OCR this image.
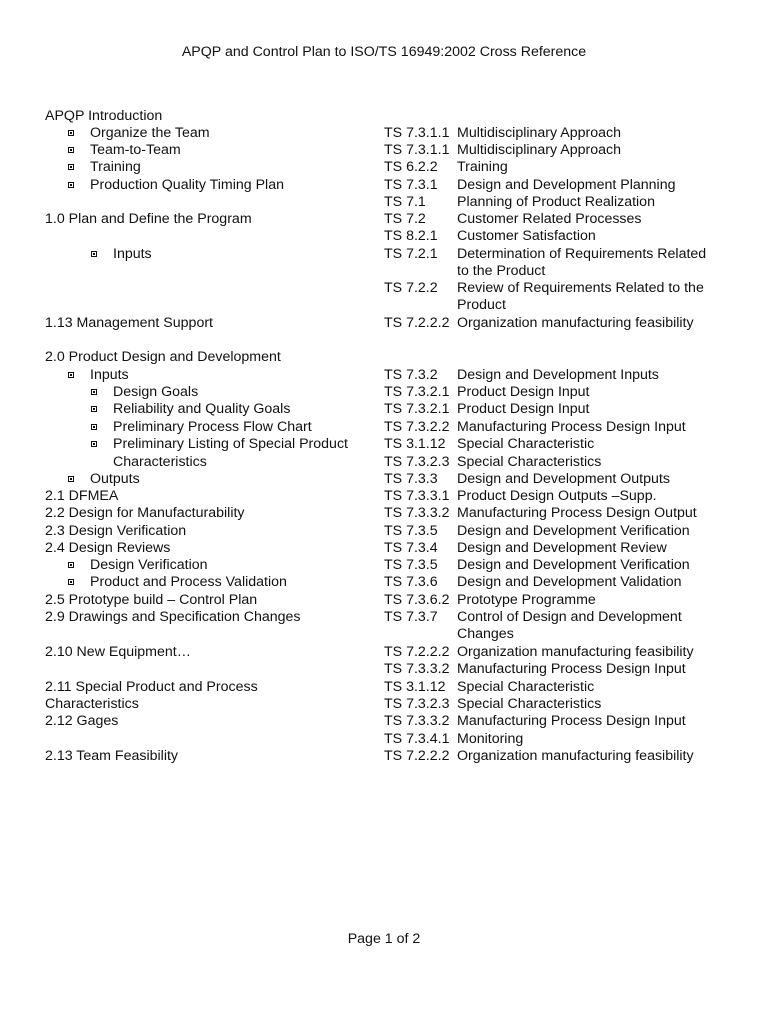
APQP and Control Plan to ISO/TS 16949:2002 Cross Reference
APQP Introduction
Organize the Team
Team-to-Team
Training
Production Quality Timing Plan
1.0 Plan and Define the Program
Inputs
1.13 Management Support
2.0 Product Design and Development
Inputs
Design Goals
Reliability and Quality Goals
Preliminary Process Flow Chart
Preliminary Listing of Special Product
Characteristics
Outputs
2.1 DFMEA
2.2 Design for Manufacturability
2.3 Design Verification
2.4 Design Reviews
Design Verification
Product and Process Validation
2.5 Prototype build – Control Plan
2.9 Drawings and Specification Changes
2.10 New Equipment…
2.11 Special Product and Process
Characteristics
2.12 Gages
2.13 Team Feasibility
TS 7.3.1.1 Multidisciplinary Approach
TS 7.3.1.1 Multidisciplinary Approach
TS 6.2.2 Training
TS 7.3.1 Design and Development Planning
TS 7.1 Planning of Product Realization
TS 7.2 Customer Related Processes
TS 8.2.1 Customer Satisfaction
TS 7.2.1 Determination of Requirements Related
to the Product
TS 7.2.2 Review of Requirements Related to the
Product
TS 7.2.2.2 Organization manufacturing feasibility
TS 7.3.2 Design and Development Inputs
TS 7.3.2.1 Product Design Input
TS 7.3.2.1 Product Design Input
TS 7.3.2.2 Manufacturing Process Design Input
TS 3.1.12 Special Characteristic
TS 7.3.2.3 Special Characteristics
TS 7.3.3 Design and Development Outputs
TS 7.3.3.1 Product Design Outputs –Supp.
TS 7.3.3.2 Manufacturing Process Design Output
TS 7.3.5 Design and Development Verification
TS 7.3.4 Design and Development Review
TS 7.3.5 Design and Development Verification
TS 7.3.6 Design and Development Validation
TS 7.3.6.2 Prototype Programme
TS 7.3.7 Control of Design and Development
Changes
TS 7.2.2.2 Organization manufacturing feasibility
TS 7.3.3.2 Manufacturing Process Design Input
TS 3.1.12 Special Characteristic
TS 7.3.2.3 Special Characteristics
TS 7.3.3.2 Manufacturing Process Design Input
TS 7.3.4.1 Monitoring
TS 7.2.2.2 Organization manufacturing feasibility
Page 1 of 2
